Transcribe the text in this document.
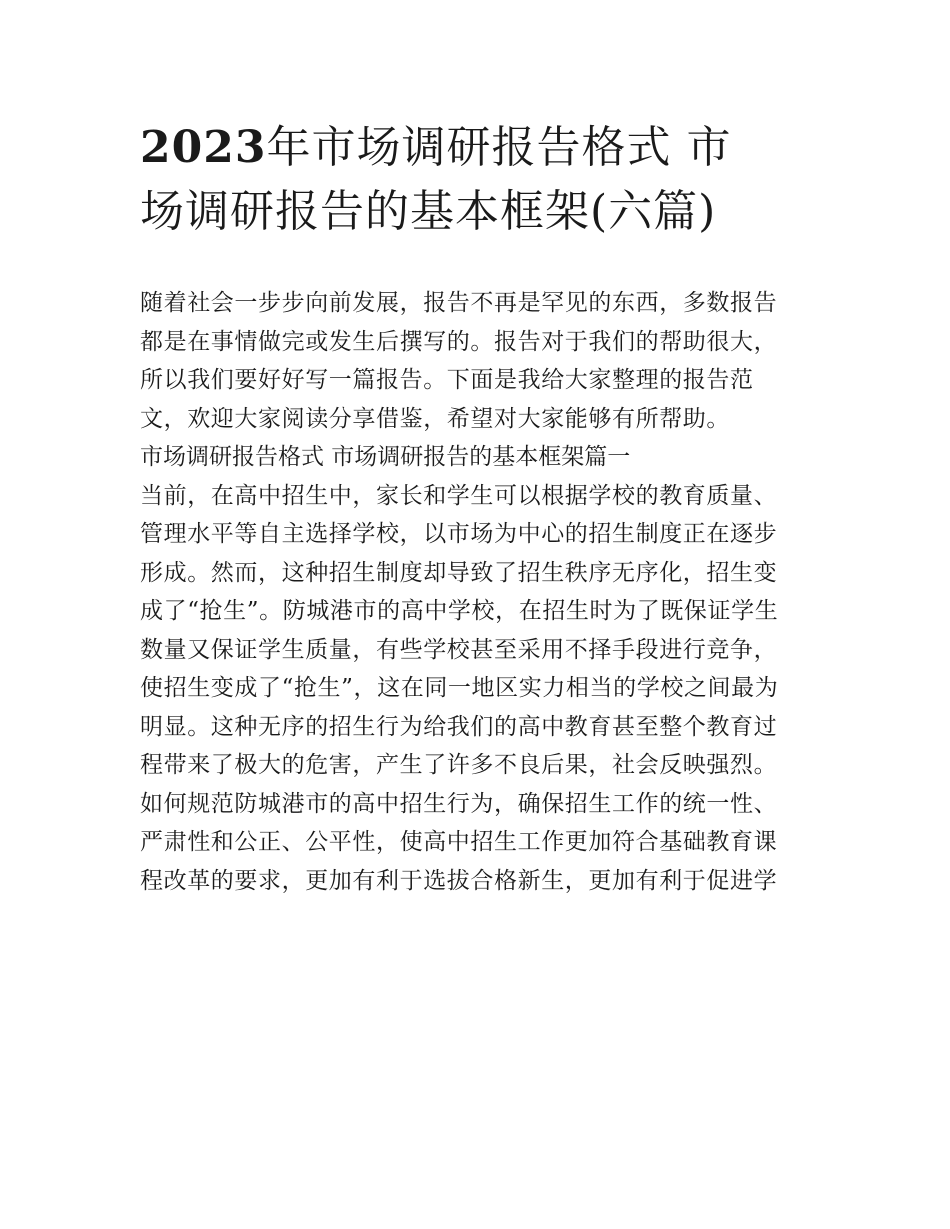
2023年市场调研报告格式 市
场调研报告的基本框架(六篇)
随着社会一步步向前发展，报告不再是罕见的东西，多数报告
都是在事情做完或发生后撰写的。报告对于我们的帮助很大，
所以我们要好好写一篇报告。下面是我给大家整理的报告范
文，欢迎大家阅读分享借鉴，希望对大家能够有所帮助。
市场调研报告格式 市场调研报告的基本框架篇一
当前，在高中招生中，家长和学生可以根据学校的教育质量、
管理水平等自主选择学校，以市场为中心的招生制度正在逐步
形成。然而，这种招生制度却导致了招生秩序无序化，招生变
成了“抢生”。防城港市的高中学校，在招生时为了既保证学生
数量又保证学生质量，有些学校甚至采用不择手段进行竞争，
使招生变成了“抢生”，这在同一地区实力相当的学校之间最为
明显。这种无序的招生行为给我们的高中教育甚至整个教育过
程带来了极大的危害，产生了许多不良后果，社会反映强烈。
如何规范防城港市的高中招生行为，确保招生工作的统一性、
严肃性和公正、公平性，使高中招生工作更加符合基础教育课
程改革的要求，更加有利于选拔合格新生，更加有利于促进学
